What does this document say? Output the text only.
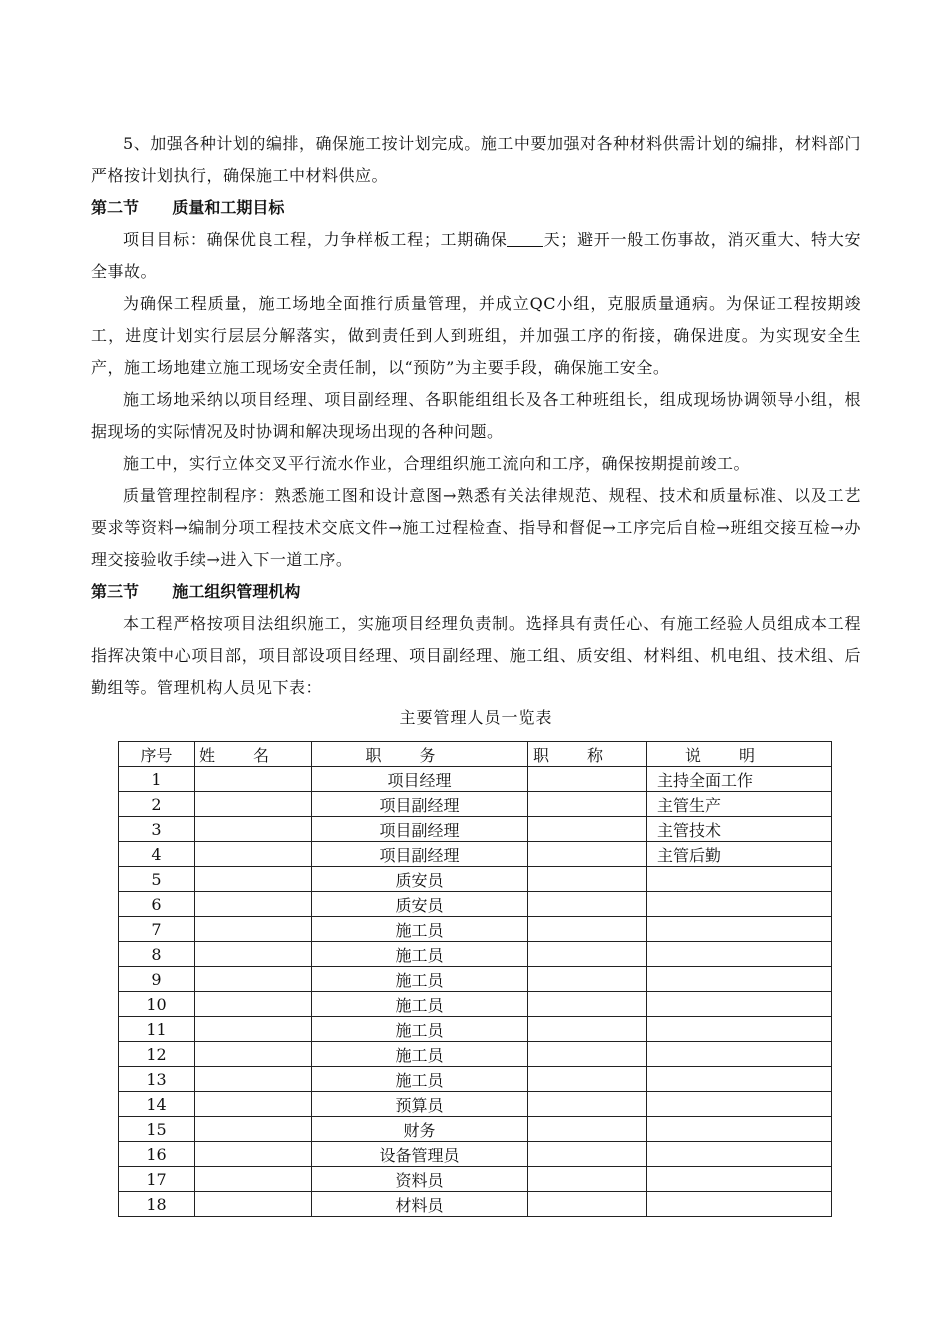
5、加强各种计划的编排，确保施工按计划完成。施工中要加强对各种材料供需计划的编排，材料部门严格按计划执行，确保施工中材料供应。

第二节      质量和工期目标

项目目标：确保优良工程，力争样板工程；工期确保 天；避开一般工伤事故，消灭重大、特大安全事故。

为确保工程质量，施工场地全面推行质量管理，并成立QC小组，克服质量通病。为保证工程按期竣工，进度计划实行层层分解落实，做到责任到人到班组，并加强工序的衔接，确保进度。为实现安全生产，施工场地建立施工现场安全责任制，以“预防”为主要手段，确保施工安全。

施工场地采纳以项目经理、项目副经理、各职能组组长及各工种班组长，组成现场协调领导小组，根据现场的实际情况及时协调和解决现场出现的各种问题。

施工中，实行立体交叉平行流水作业，合理组织施工流向和工序，确保按期提前竣工。

质量管理控制程序：熟悉施工图和设计意图→熟悉有关法律规范、规程、技术和质量标准、以及工艺要求等资料→编制分项工程技术交底文件→施工过程检查、指导和督促→工序完后自检→班组交接互检→办理交接验收手续→进入下一道工序。

第三节      施工组织管理机构

本工程严格按项目法组织施工，实施项目经理负责制。选择具有责任心、有施工经验人员组成本工程指挥决策中心项目部，项目部设项目经理、项目副经理、施工组、质安组、材料组、机电组、技术组、后勤组等。管理机构人员见下表：

主要管理人员一览表
序号	姓名	职务	职称	说明
1		项目经理		主持全面工作
2		项目副经理		主管生产
3		项目副经理		主管技术
4		项目副经理		主管后勤
5		质安员		
6		质安员		
7		施工员		
8		施工员		
9		施工员		
10		施工员		
11		施工员		
12		施工员		
13		施工员		
14		预算员		
15		财务		
16		设备管理员		
17		资料员		
18		材料员		
